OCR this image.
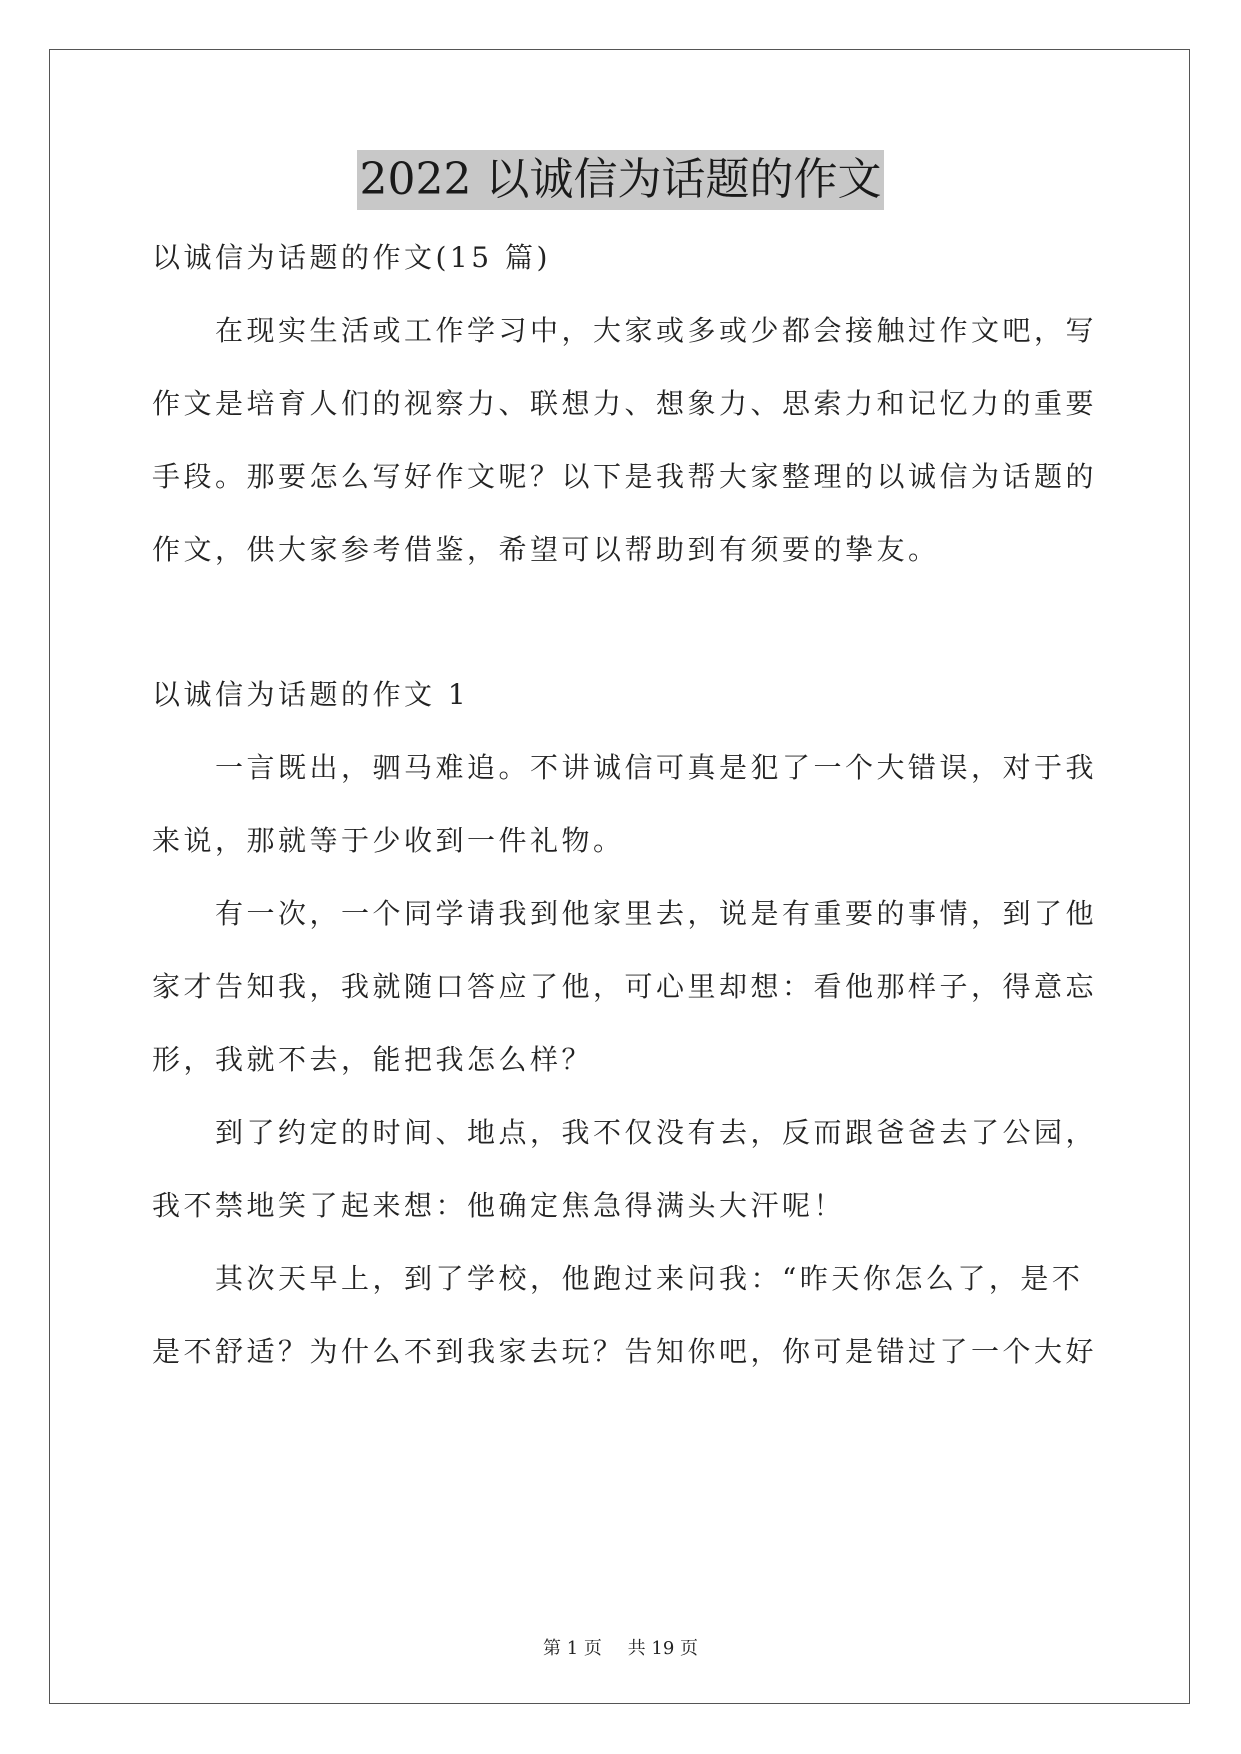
2022 以诚信为话题的作文
以诚信为话题的作文(15 篇)
在现实生活或工作学习中，大家或多或少都会接触过作文吧，写
作文是培育人们的视察力、联想力、想象力、思索力和记忆力的重要
手段。那要怎么写好作文呢？以下是我帮大家整理的以诚信为话题的
作文，供大家参考借鉴，希望可以帮助到有须要的挚友。
以诚信为话题的作文 1
一言既出，驷马难追。不讲诚信可真是犯了一个大错误，对于我
来说，那就等于少收到一件礼物。
有一次，一个同学请我到他家里去，说是有重要的事情，到了他
家才告知我，我就随口答应了他，可心里却想：看他那样子，得意忘
形，我就不去，能把我怎么样？
到了约定的时间、地点，我不仅没有去，反而跟爸爸去了公园，
我不禁地笑了起来想：他确定焦急得满头大汗呢！
其次天早上，到了学校，他跑过来问我：“昨天你怎么了，是不
是不舒适？为什么不到我家去玩？告知你吧，你可是错过了一个大好
第 1 页 共 19 页
